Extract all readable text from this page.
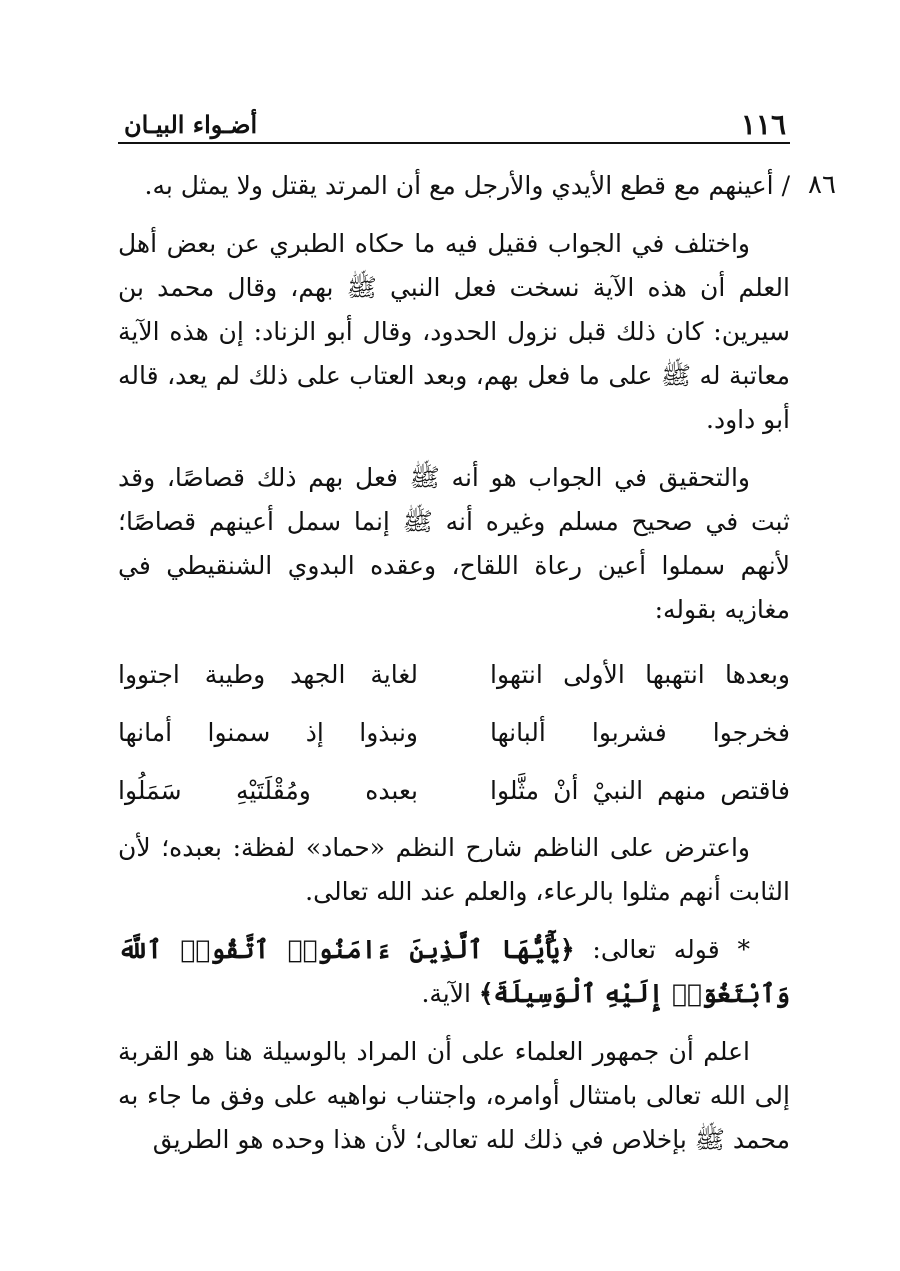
١١٦
أضـواء البيـان
٨٦

/ أعينهم مع قطع الأيدي والأرجل مع أن المرتد يقتل ولا يمثل به.

واختلف في الجواب فقيل فيه ما حكاه الطبري عن بعض أهل العلم أن هذه الآية نسخت فعل النبي ﷺ بهم، وقال محمد بن سيرين: كان ذلك قبل نزول الحدود، وقال أبو الزناد: إن هذه الآية معاتبة له ﷺ على ما فعل بهم، وبعد العتاب على ذلك لم يعد، قاله أبو داود.

والتحقيق في الجواب هو أنه ﷺ فعل بهم ذلك قصاصًا، وقد ثبت في صحيح مسلم وغيره أنه ﷺ إنما سمل أعينهم قصاصًا؛ لأنهم سملوا أعين رعاة اللقاح، وعقده البدوي الشنقيطي في مغازيه بقوله:

وبعدها انتهبها الأولى انتهوا
لغاية الجهد وطيبة اجتووا
فخرجوا فشربوا ألبانها
ونبذوا إذ سمنوا أمانها
فاقتص منهم النبيْ أنْ مثَّلوا
بعبده ومُقْلَتَيْهِ سَمَلُوا

واعترض على الناظم شارح النظم «حماد» لفظة: بعبده؛ لأن الثابت أنهم مثلوا بالرعاء، والعلم عند الله تعالى.

* قوله تعالى: ﴿يَٰٓأَيُّهَا ٱلَّذِينَ ءَامَنُوا۟ ٱتَّقُوا۟ ٱللَّهَ وَٱبْتَغُوٓا۟ إِلَيْهِ ٱلْوَسِيلَةَ﴾ الآية.

اعلم أن جمهور العلماء على أن المراد بالوسيلة هنا هو القربة إلى الله تعالى بامتثال أوامره، واجتناب نواهيه على وفق ما جاء به محمد ﷺ بإخلاص في ذلك لله تعالى؛ لأن هذا وحده هو الطريق
